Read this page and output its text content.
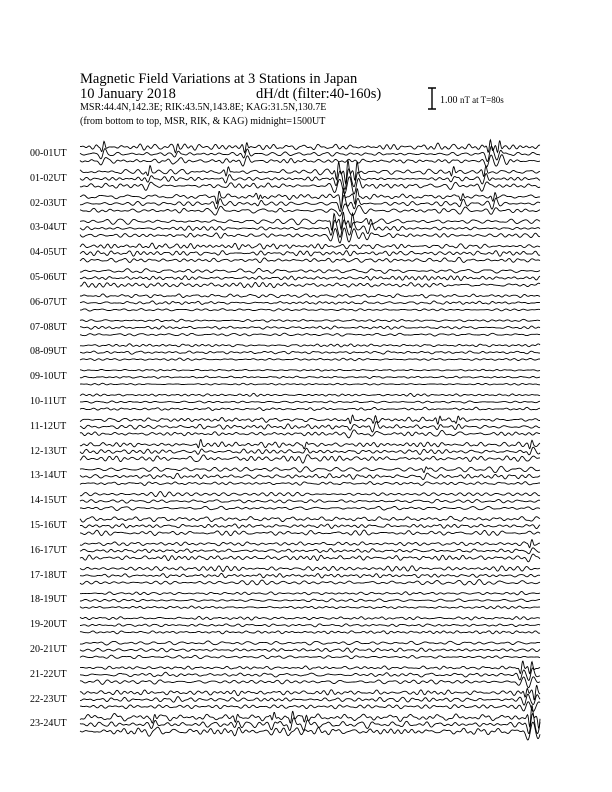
Magnetic Field Variations at 3 Stations in Japan
10 January 2018	dH/dt (filter:40-160s)
MSR:44.4N,142.3E; RIK:43.5N,143.8E; KAG:31.5N,130.7E
(from bottom to top, MSR, RIK, & KAG) midnight=1500UT
1.00 nT at T=80s
00-01UT
01-02UT
02-03UT
03-04UT
04-05UT
05-06UT
06-07UT
07-08UT
08-09UT
09-10UT
10-11UT
11-12UT
12-13UT
13-14UT
14-15UT
15-16UT
16-17UT
17-18UT
18-19UT
19-20UT
20-21UT
21-22UT
22-23UT
23-24UT
